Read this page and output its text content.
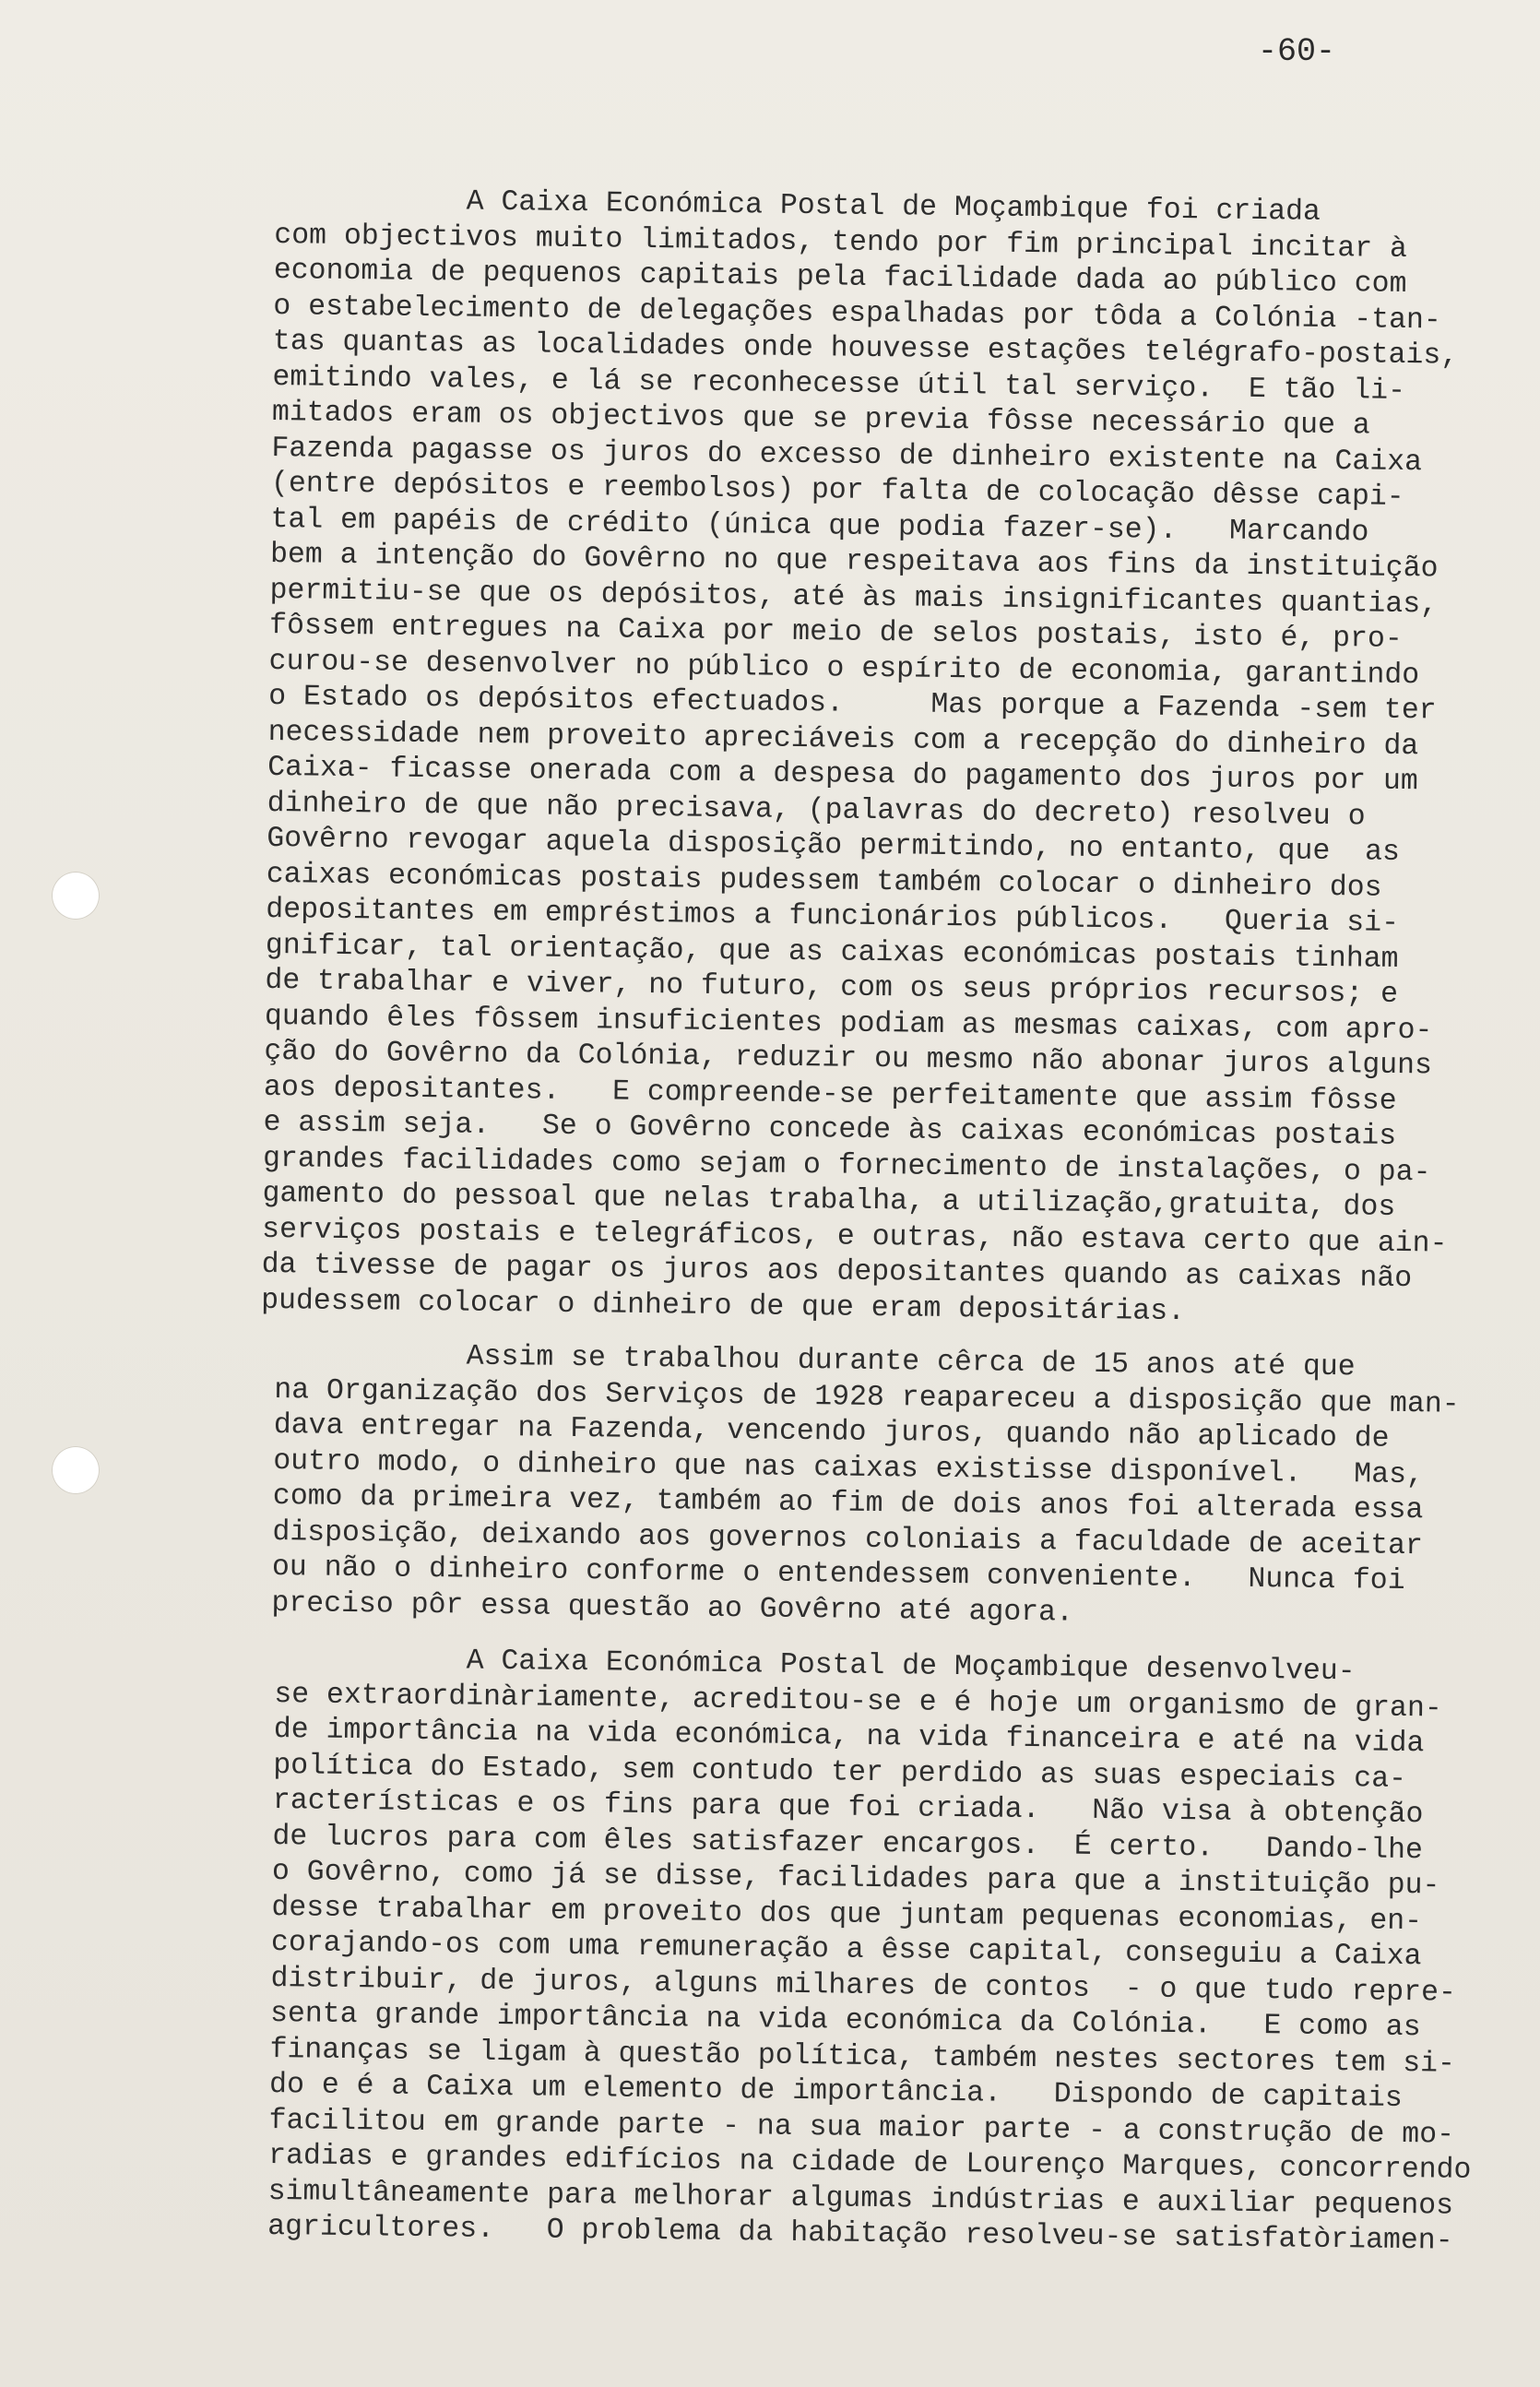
-60-
A Caixa Económica Postal de Moçambique foi criada
com objectivos muito limitados, tendo por fim principal incitar à
economia de pequenos capitais pela facilidade dada ao público com
o estabelecimento de delegações espalhadas por tôda a Colónia -tan-
tas quantas as localidades onde houvesse estações telégrafo-postais,
emitindo vales, e lá se reconhecesse útil tal serviço.  E tão li-
mitados eram os objectivos que se previa fôsse necessário que a
Fazenda pagasse os juros do excesso de dinheiro existente na Caixa
(entre depósitos e reembolsos) por falta de colocação dêsse capi-
tal em papéis de crédito (única que podia fazer-se).   Marcando
bem a intenção do Govêrno no que respeitava aos fins da instituição
permitiu-se que os depósitos, até às mais insignificantes quantias,
fôssem entregues na Caixa por meio de selos postais, isto é, pro-
curou-se desenvolver no público o espírito de economia, garantindo
o Estado os depósitos efectuados.     Mas porque a Fazenda -sem ter
necessidade nem proveito apreciáveis com a recepção do dinheiro da
Caixa- ficasse onerada com a despesa do pagamento dos juros por um
dinheiro de que não precisava, (palavras do decreto) resolveu o
Govêrno revogar aquela disposição permitindo, no entanto, que  as
caixas económicas postais pudessem também colocar o dinheiro dos
depositantes em empréstimos a funcionários públicos.   Queria si-
gnificar, tal orientação, que as caixas económicas postais tinham
de trabalhar e viver, no futuro, com os seus próprios recursos; e
quando êles fôssem insuficientes podiam as mesmas caixas, com apro-
ção do Govêrno da Colónia, reduzir ou mesmo não abonar juros alguns
aos depositantes.   E compreende-se perfeitamente que assim fôsse
e assim seja.   Se o Govêrno concede às caixas económicas postais
grandes facilidades como sejam o fornecimento de instalações, o pa-
gamento do pessoal que nelas trabalha, a utilização,gratuita, dos
serviços postais e telegráficos, e outras, não estava certo que ain-
da tivesse de pagar os juros aos depositantes quando as caixas não
pudessem colocar o dinheiro de que eram depositárias.
Assim se trabalhou durante cêrca de 15 anos até que
na Organização dos Serviços de 1928 reapareceu a disposição que man-
dava entregar na Fazenda, vencendo juros, quando não aplicado de
outro modo, o dinheiro que nas caixas existisse disponível.   Mas,
como da primeira vez, também ao fim de dois anos foi alterada essa
disposição, deixando aos governos coloniais a faculdade de aceitar
ou não o dinheiro conforme o entendessem conveniente.   Nunca foi
preciso pôr essa questão ao Govêrno até agora.
A Caixa Económica Postal de Moçambique desenvolveu-
se extraordinàriamente, acreditou-se e é hoje um organismo de gran-
de importância na vida económica, na vida financeira e até na vida
política do Estado, sem contudo ter perdido as suas especiais ca-
racterísticas e os fins para que foi criada.   Não visa à obtenção
de lucros para com êles satisfazer encargos.  É certo.   Dando-lhe
o Govêrno, como já se disse, facilidades para que a instituição pu-
desse trabalhar em proveito dos que juntam pequenas economias, en-
corajando-os com uma remuneração a êsse capital, conseguiu a Caixa
distribuir, de juros, alguns milhares de contos  - o que tudo repre-
senta grande importância na vida económica da Colónia.   E como as
finanças se ligam à questão política, também nestes sectores tem si-
do e é a Caixa um elemento de importância.   Dispondo de capitais
facilitou em grande parte - na sua maior parte - a construção de mo-
radias e grandes edifícios na cidade de Lourenço Marques, concorrendo
simultâneamente para melhorar algumas indústrias e auxiliar pequenos
agricultores.   O problema da habitação resolveu-se satisfatòriamen-
